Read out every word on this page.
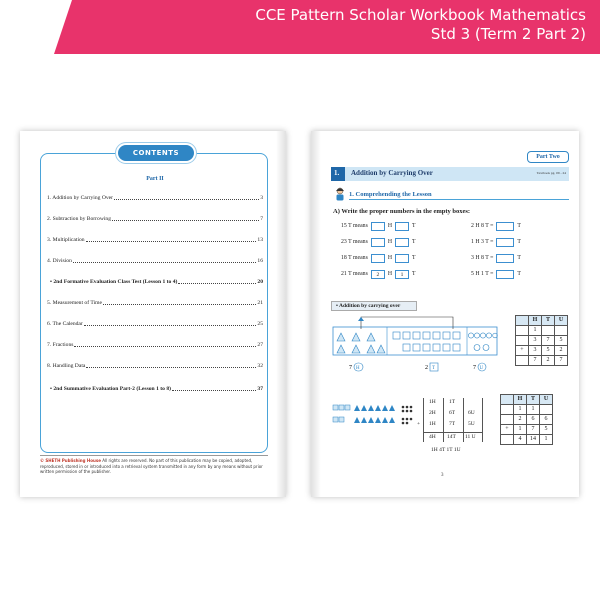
CCE Pattern Scholar Workbook Mathematics
Std 3 (Term 2 Part 2)
CONTENTS
Part II
1. Addition by Carrying Over	3
2. Subtraction by Borrowing	7
3. Multiplication	13
4. Division	16
• 2nd Formative Evaluation Class Test (Lesson 1 to 4)	20
5. Measurement of Time	21
6. The Calendar	25
7. Fractions	27
8. Handling Data	32
• 2nd Summative Evaluation Part-2 (Lesson 1 to 8)	37
© SHETH Publishing House All rights are reserved. No part of this publication may be copied, adopted, reproduced, stored in or introduced into a retrieval system transmitted in any form by any means without prior written permission of the publisher.
Part Two
1. Addition by Carrying Over	Textbook pg. 09 - 24
1. Comprehending the Lesson
A) Write the proper numbers in the empty boxes:
15 T means	H	T
23 T means	H	T
18 T means	H	T
21 T means	2	H	1	T
2 H 8 T =	T
1 H 3 T =	T
3 H 8 T =	T
5 H 1 T =	T
• Addition by carrying over
7 H	2 T	7 U
	H	T	U
	1		
	3	7	5
+	3	5	2
	7	2	7
1H 1T
2H 6T 6U
+ 1H 7T 5U
4H 14T 11 U
1H 4T 1T 1U
	H	T	U
	1	1	
	2	6	6
+	1	7	5
	4	14	1
3
